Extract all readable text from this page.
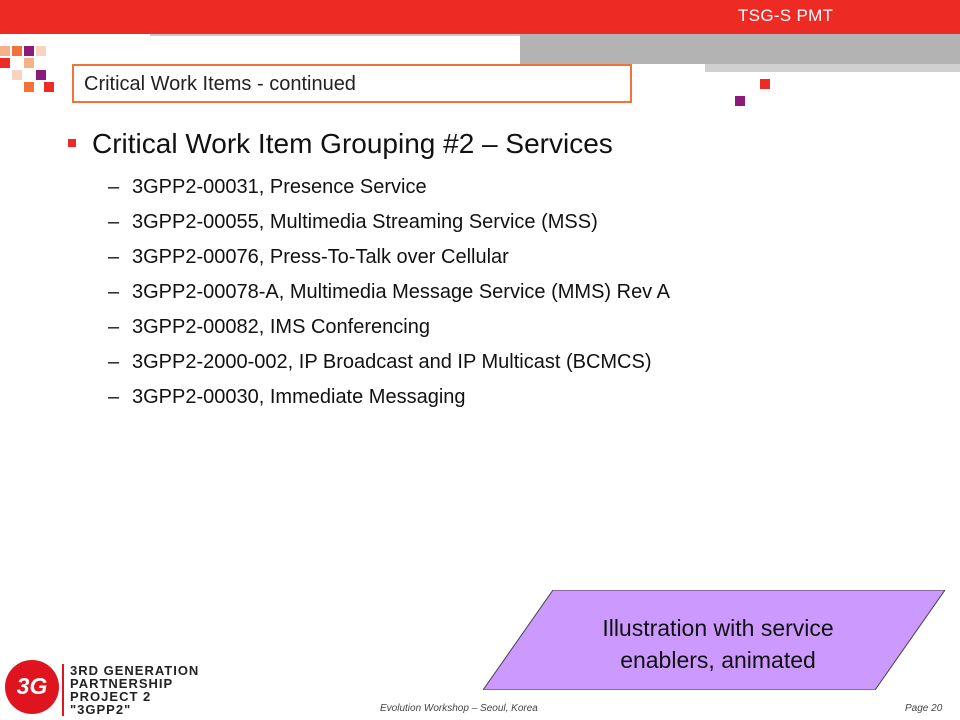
TSG-S PMT
Critical Work Items - continued
Critical Work Item Grouping #2 – Services
– 3GPP2-00031, Presence Service
– 3GPP2-00055, Multimedia Streaming Service (MSS)
– 3GPP2-00076, Press-To-Talk over Cellular
– 3GPP2-00078-A, Multimedia Message Service (MMS) Rev A
– 3GPP2-00082, IMS Conferencing
– 3GPP2-2000-002, IP Broadcast and IP Multicast (BCMCS)
– 3GPP2-00030, Immediate Messaging
Illustration with service
enablers, animated
3G
3RD GENERATION
PARTNERSHIP
PROJECT 2
"3GPP2"	Evolution Workshop – Seoul, Korea	Page 20
